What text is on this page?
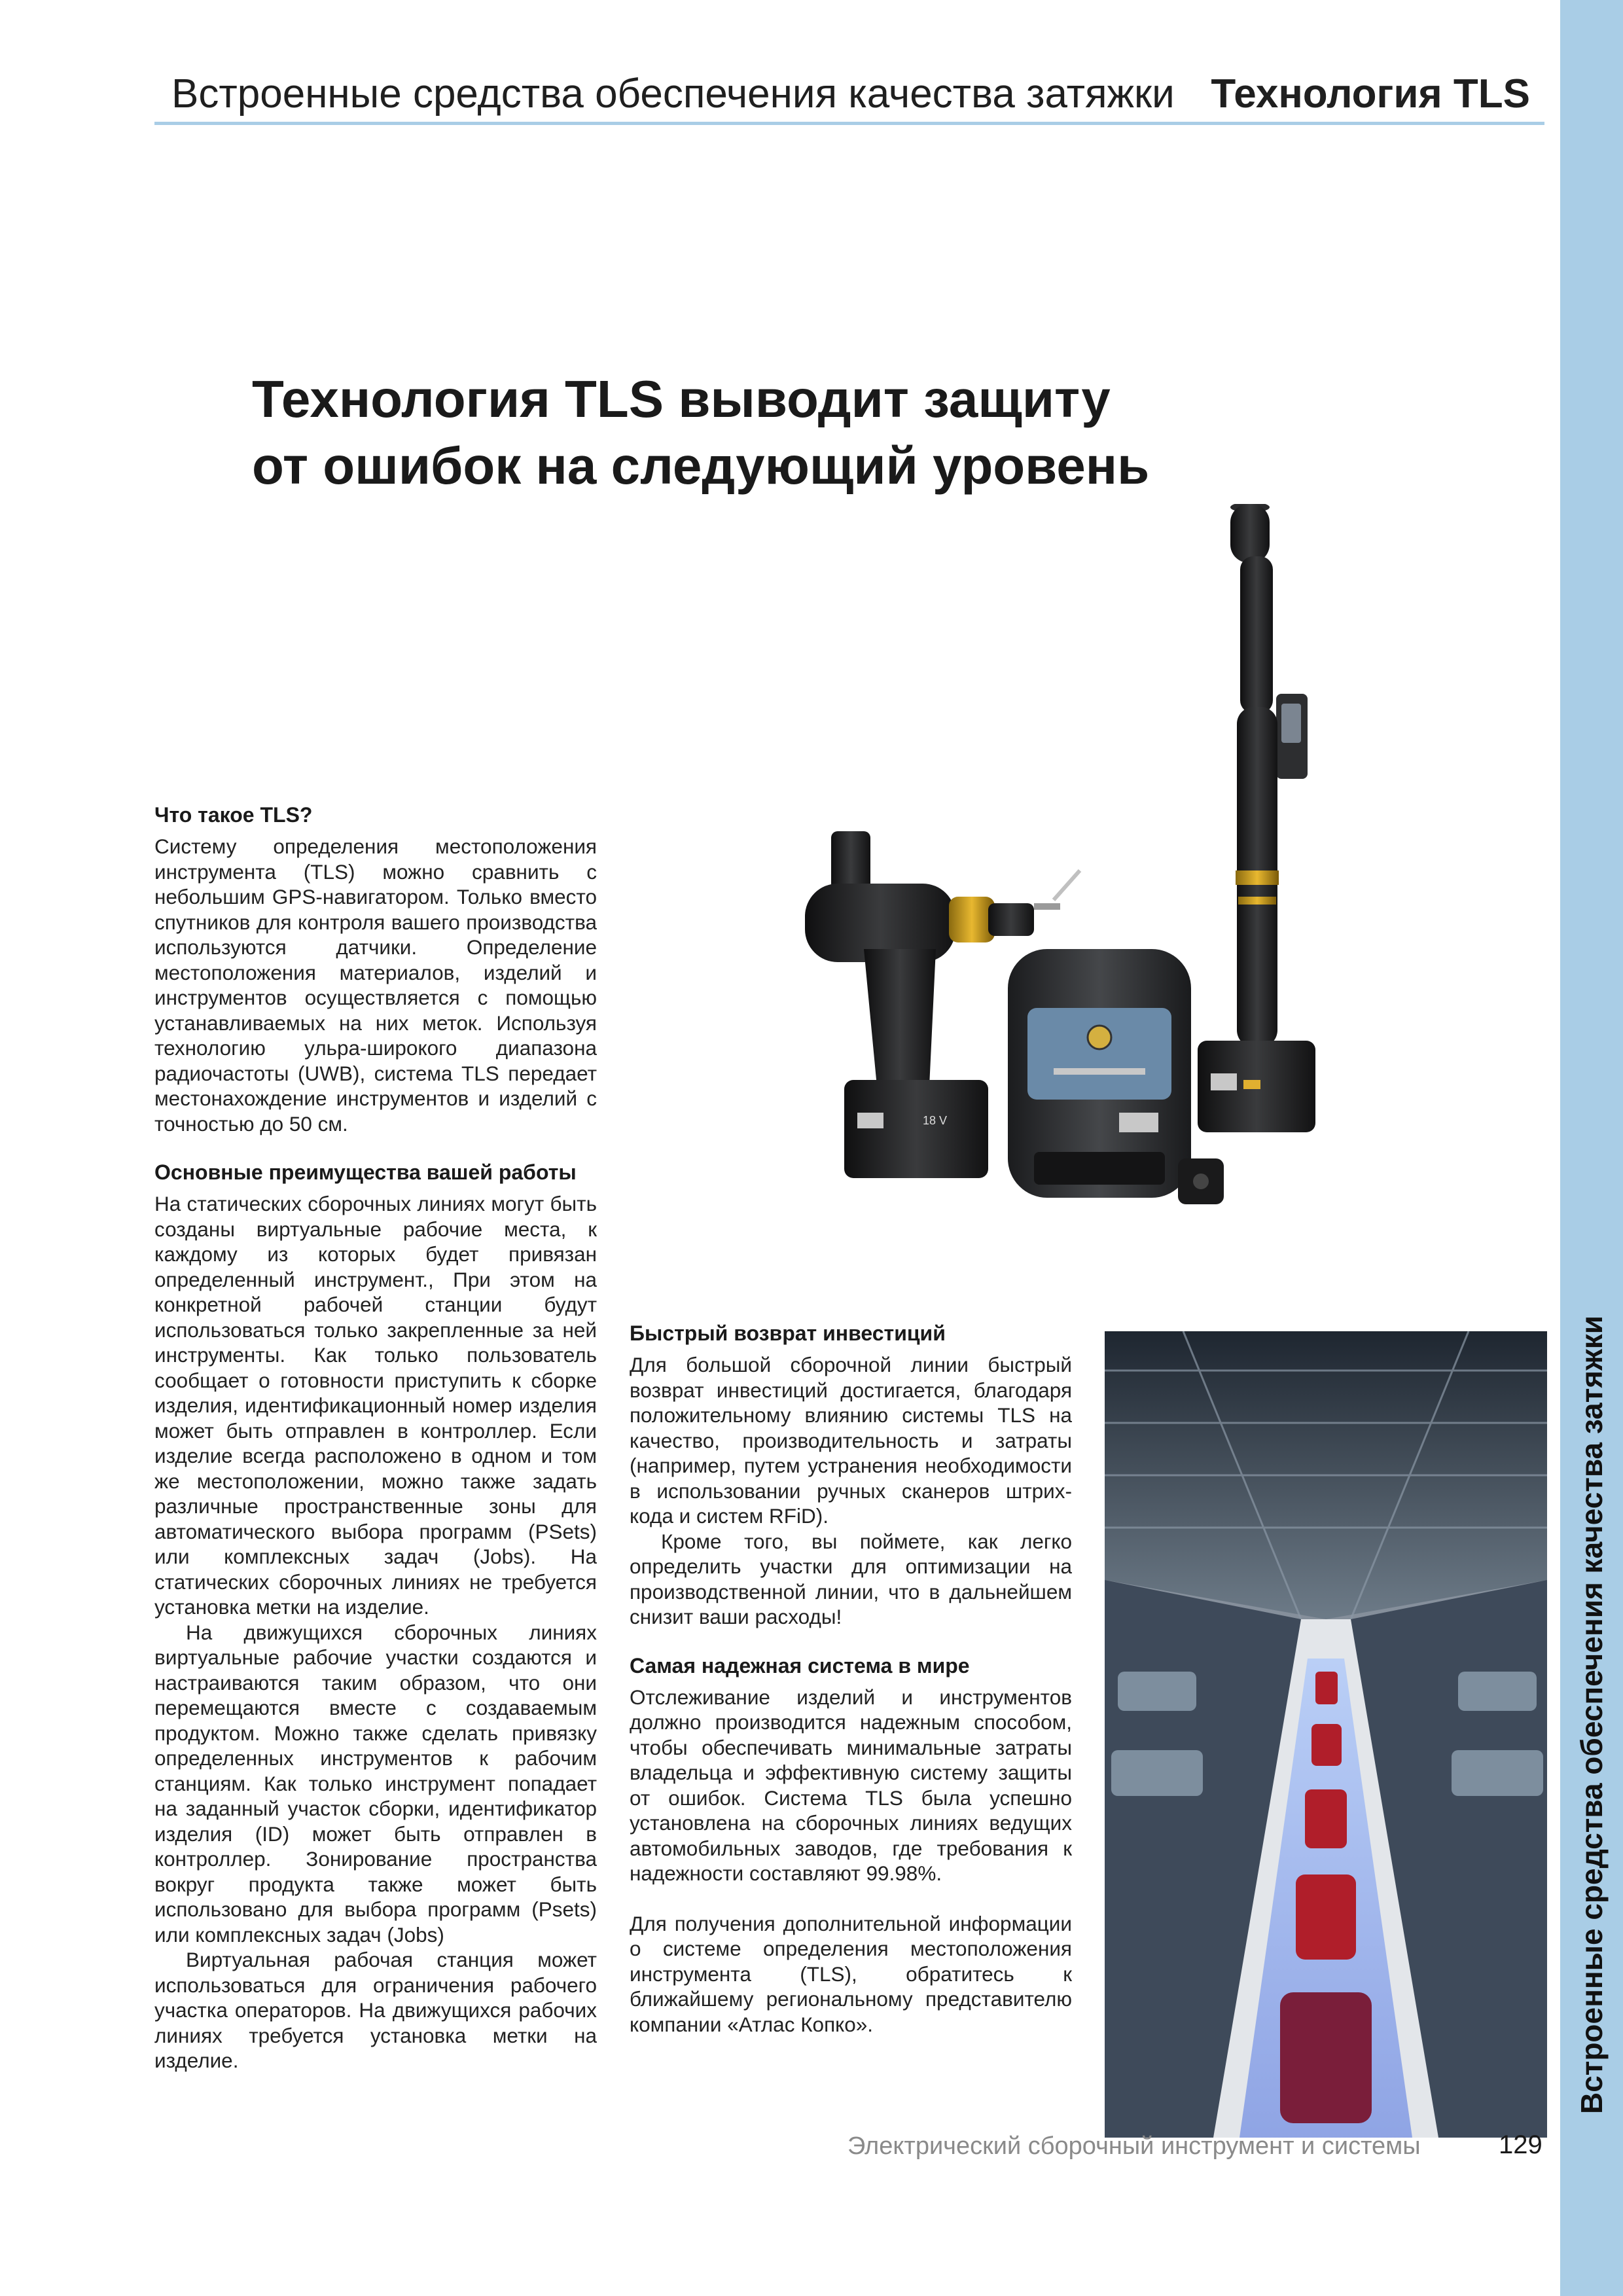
Встроенные средства обеспечения качества затяжки
Встроенные средства обеспечения качества затяжки Технология TLS
Технология TLS выводит защиту
от ошибок на следующий уровень
18 V
Что такое TLS?

Систему определения местоположения инструмента (TLS) можно сравнить с небольшим GPS-навигатором. Только вместо спутников для контроля вашего производства используются датчики. Определение местоположения материалов, изделий и инструментов осуществляется с помощью устанавливаемых на них меток. Используя технологию ульра-широкого диапазона радиочастоты (UWB), система TLS передает местонахождение инструментов и изделий с точностью до 50 см.

Основные преимущества вашей работы

На статических сборочных линиях могут быть созданы виртуальные рабочие места, к каждому из которых будет привязан определенный инструмент., При этом на конкретной рабочей станции будут использоваться только закрепленные за ней инструменты. Как только пользователь сообщает о готовности приступить к сборке изделия, идентификационный номер изделия может быть отправлен в контроллер. Если изделие всегда расположено в одном и том же местоположении, можно также задать различные пространственные зоны для автоматического выбора программ (PSets) или комплексных задач (Jobs). На статических сборочных линиях не требуется установка метки на изделие.

На движущихся сборочных линиях виртуальные рабочие участки создаются и настраиваются таким образом, что они перемещаются вместе с создаваемым продуктом. Можно также сделать привязку определенных инструментов к рабочим станциям. Как только инструмент попадает на заданный участок сборки, идентификатор изделия (ID) может быть отправлен в контроллер. Зонирование пространства вокруг продукта также может быть использовано для выбора программ (Psets) или комплексных задач (Jobs)

Виртуальная рабочая станция может использоваться для ограничения рабочего участка операторов. На движущихся рабочих линиях требуется установка метки на изделие.

Быстрый возврат инвестиций

Для большой сборочной линии быстрый возврат инвестиций достигается, благодаря положительному влиянию системы TLS на качество, производительность и затраты (например, путем устранения необходимости в использовании ручных сканеров штрих-кода и систем RFiD).

Кроме того, вы поймете, как легко определить участки для оптимизации на производственной линии, что в дальнейшем снизит ваши расходы!

Самая надежная система в мире

Отслеживание изделий и инструментов должно производится надежным способом, чтобы обеспечивать минимальные затраты владельца и эффективную систему защиты от ошибок. Система TLS была успешно установлена на сборочных линиях ведущих автомобильных заводов, где требования к надежности составляют 99.98%.

Для получения дополнительной информации о системе определения местоположения инструмента (TLS), обратитесь к ближайшему региональному представителю компании «Атлас Копко».

Электрический сборочный инструмент и системы	129
